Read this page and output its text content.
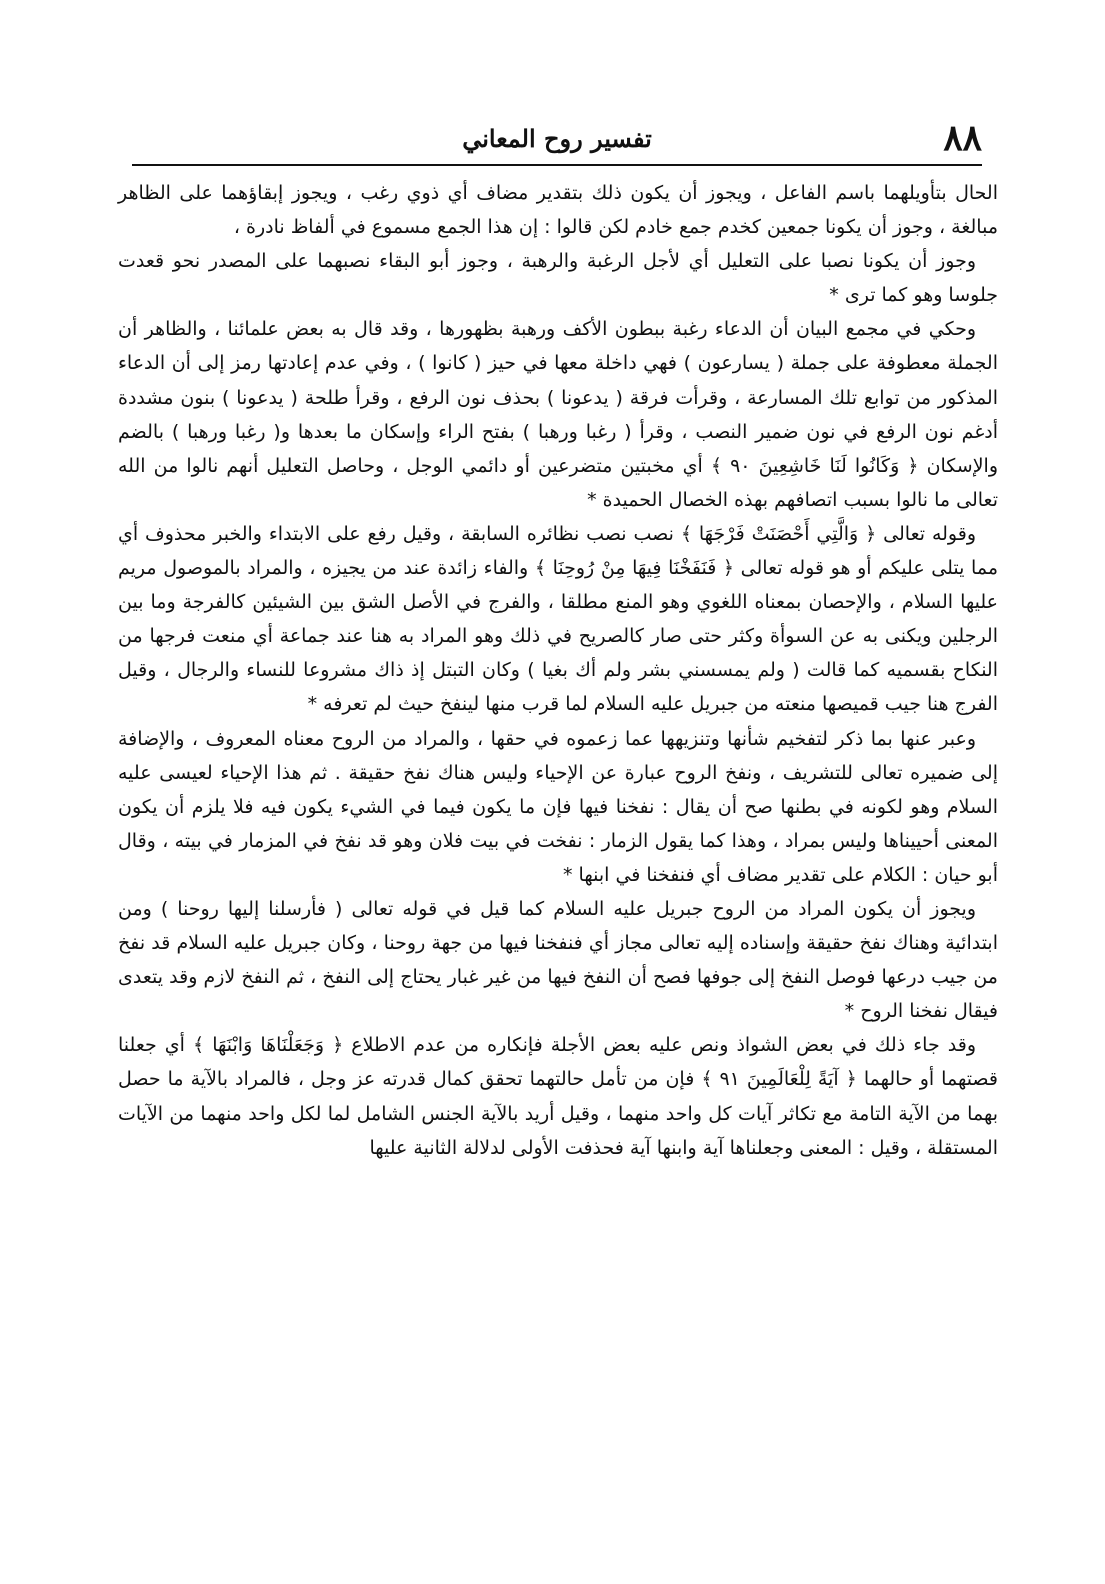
٨٨
تفسير روح المعاني

الحال بتأويلهما باسم الفاعل ، ويجوز أن يكون ذلك بتقدير مضاف أي ذوي رغب ، ويجوز إبقاؤهما على الظاهر مبالغة ، وجوز أن يكونا جمعين كخدم جمع خادم لكن قالوا : إن هذا الجمع مسموع في ألفاظ نادرة ،

وجوز أن يكونا نصبا على التعليل أي لأجل الرغبة والرهبة ، وجوز أبو البقاء نصبهما على المصدر نحو قعدت جلوسا وهو كما ترى *

وحكي في مجمع البيان أن الدعاء رغبة ببطون الأكف ورهبة بظهورها ، وقد قال به بعض علمائنا ، والظاهر أن الجملة معطوفة على جملة ( يسارعون ) فهي داخلة معها في حيز ( كانوا ) ، وفي عدم إعادتها رمز إلى أن الدعاء المذكور من توابع تلك المسارعة ، وقرأت فرقة ( يدعونا ) بحذف نون الرفع ، وقرأ طلحة ( يدعونا ) بنون مشددة أدغم نون الرفع في نون ضمير النصب ، وقرأ ( رغبا ورهبا ) بفتح الراء وإسكان ما بعدها و( رغبا ورهبا ) بالضم والإسكان ﴿ وَكَانُوا لَنَا خَاشِعِينَ ٩٠ ﴾ أي مخبتين متضرعين أو دائمي الوجل ، وحاصل التعليل أنهم نالوا من الله تعالى ما نالوا بسبب اتصافهم بهذه الخصال الحميدة *

وقوله تعالى ﴿ وَالَّتِي أَحْصَنَتْ فَرْجَهَا ﴾ نصب نصب نظائره السابقة ، وقيل رفع على الابتداء والخبر محذوف أي مما يتلى عليكم أو هو قوله تعالى ﴿ فَنَفَخْنَا فِيهَا مِنْ رُوحِنَا ﴾ والفاء زائدة عند من يجيزه ، والمراد بالموصول مريم عليها السلام ، والإحصان بمعناه اللغوي وهو المنع مطلقا ، والفرج في الأصل الشق بين الشيئين كالفرجة وما بين الرجلين ويكنى به عن السوأة وكثر حتى صار كالصريح في ذلك وهو المراد به هنا عند جماعة أي منعت فرجها من النكاح بقسميه كما قالت ( ولم يمسسني بشر ولم أك بغيا ) وكان التبتل إذ ذاك مشروعا للنساء والرجال ، وقيل الفرج هنا جيب قميصها منعته من جبريل عليه السلام لما قرب منها لينفخ حيث لم تعرفه *

وعبر عنها بما ذكر لتفخيم شأنها وتنزيهها عما زعموه في حقها ، والمراد من الروح معناه المعروف ، والإضافة إلى ضميره تعالى للتشريف ، ونفخ الروح عبارة عن الإحياء وليس هناك نفخ حقيقة . ثم هذا الإحياء لعيسى عليه السلام وهو لكونه في بطنها صح أن يقال : نفخنا فيها فإن ما يكون فيما في الشيء يكون فيه فلا يلزم أن يكون المعنى أحييناها وليس بمراد ، وهذا كما يقول الزمار : نفخت في بيت فلان وهو قد نفخ في المزمار في بيته ، وقال أبو حيان : الكلام على تقدير مضاف أي فنفخنا في ابنها *

ويجوز أن يكون المراد من الروح جبريل عليه السلام كما قيل في قوله تعالى ( فأرسلنا إليها روحنا ) ومن ابتدائية وهناك نفخ حقيقة وإسناده إليه تعالى مجاز أي فنفخنا فيها من جهة روحنا ، وكان جبريل عليه السلام قد نفخ من جيب درعها فوصل النفخ إلى جوفها فصح أن النفخ فيها من غير غبار يحتاج إلى النفخ ، ثم النفخ لازم وقد يتعدى فيقال نفخنا الروح *

وقد جاء ذلك في بعض الشواذ ونص عليه بعض الأجلة فإنكاره من عدم الاطلاع ﴿ وَجَعَلْنَاهَا وَابْنَهَا ﴾ أي جعلنا قصتهما أو حالهما ﴿ آيَةً لِلْعَالَمِينَ ٩١ ﴾ فإن من تأمل حالتهما تحقق كمال قدرته عز وجل ، فالمراد بالآية ما حصل بهما من الآية التامة مع تكاثر آيات كل واحد منهما ، وقيل أريد بالآية الجنس الشامل لما لكل واحد منهما من الآيات المستقلة ، وقيل : المعنى وجعلناها آية وابنها آية فحذفت الأولى لدلالة الثانية عليها
